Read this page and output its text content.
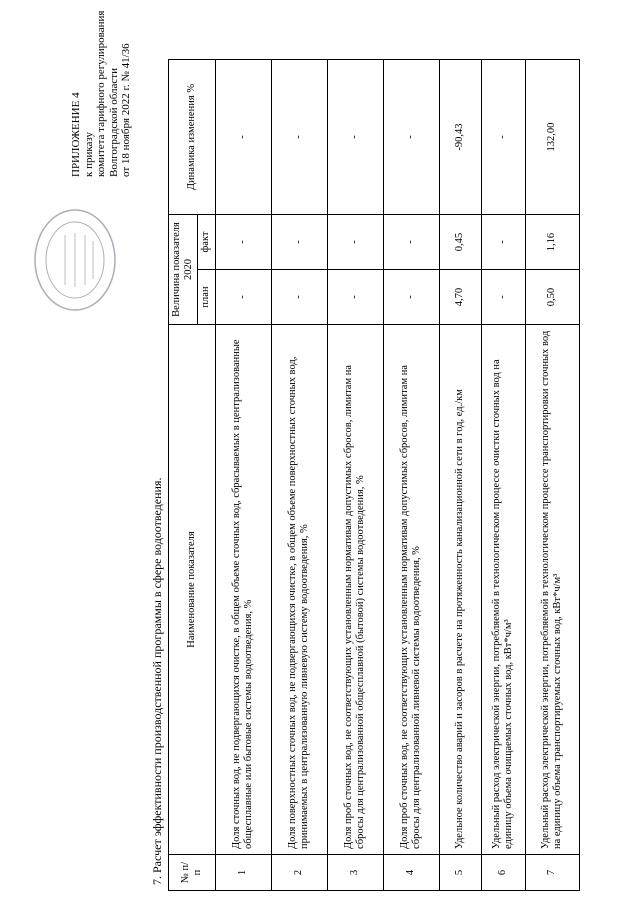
ПРИЛОЖЕНИЕ 4 к приказу комитета тарифного регулирования Волгоградской области от 18 ноября 2022 г. № 41/36
7. Расчет эффективности производственной программы в сфере водоотведения. № п/п	Наименование показателя	Величина показателя 2020		Динамика изменения %
		план	факт	
1	Доля сточных вод, не подвергающихся очистке, в общем объеме сточных вод, сбрасываемых в централизованные общесплавные или бытовые системы водоотведения, %	-	-	-
2	Доля поверхностных сточных вод, не подвергающихся очистке, в общем объеме поверхностных сточных вод, принимаемых в централизованную ливневую систему водоотведения, %	-	-	-
3	Доля проб сточных вод, не соответствующих установленным нормативам допустимых сбросов, лимитам на сбросы для централизованной общесплавной (бытовой) системы водоотведения, %	-	-	-
4	Доля проб сточных вод, не соответствующих установленным нормативам допустимых сбросов, лимитам на сбросы для централизованной ливневой системы водоотведения, %	-	-	-
5	Удельное количество аварий и засоров в расчете на протяженность канализационной сети в год, ед./км	4,70	0,45	-90,43
6	Удельный расход электрической энергии, потребляемой в технологическом процессе очистки сточных вод на единицу объема очищаемых сточных вод, кВт*ч/м³	-	-	-
7	Удельный расход электрической энергии, потребляемой в технологическом процессе транспортировки сточных вод на единицу объема транспортируемых сточных вод, кВт*ч/м³	0,50	1,16	132,00
